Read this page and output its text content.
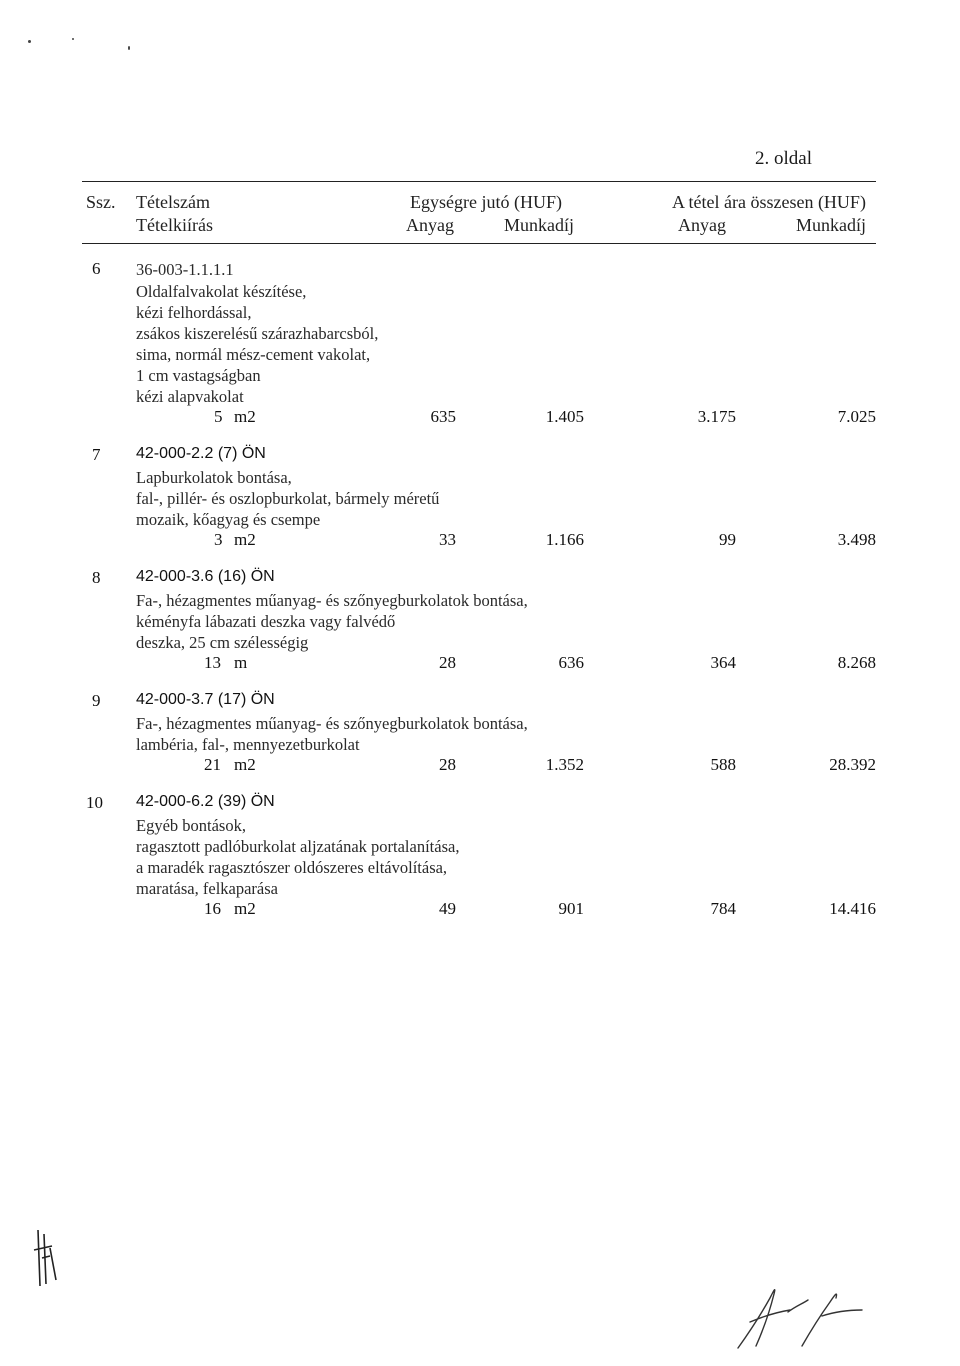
2. oldal
Ssz. Tételszám
Tételkiírás
Egységre jutó (HUF)
Anyag	Munkadíj
A tétel ára összesen (HUF)
Anyag	Munkadíj
6 36-003-1.1.1.1
Oldalfalvakolat készítése,
kézi felhordással,
zsákos kiszerelésű szárazhabarcsból,
sima, normál mész-cement vakolat,
1 cm vastagságban
kézi alapvakolat
5 m2	635	1.405	3.175	7.025
7 42-000-2.2 (7) ÖN
Lapburkolatok bontása,
fal-, pillér- és oszlopburkolat, bármely méretű
mozaik, kőagyag és csempe
3 m2	33	1.166	99	3.498
8 42-000-3.6 (16) ÖN
Fa-, hézagmentes műanyag- és szőnyegburkolatok bontása,
kéményfa lábazati deszka vagy falvédő
deszka, 25 cm szélességig
13 m	28	636	364	8.268
9 42-000-3.7 (17) ÖN
Fa-, hézagmentes műanyag- és szőnyegburkolatok bontása,
lambéria, fal-, mennyezetburkolat
21 m2	28	1.352	588	28.392
10 42-000-6.2 (39) ÖN
Egyéb bontások,
ragasztott padlóburkolat aljzatának portalanítása,
a maradék ragasztószer oldószeres eltávolítása,
maratása, felkaparása
16 m2	49	901	784	14.416
